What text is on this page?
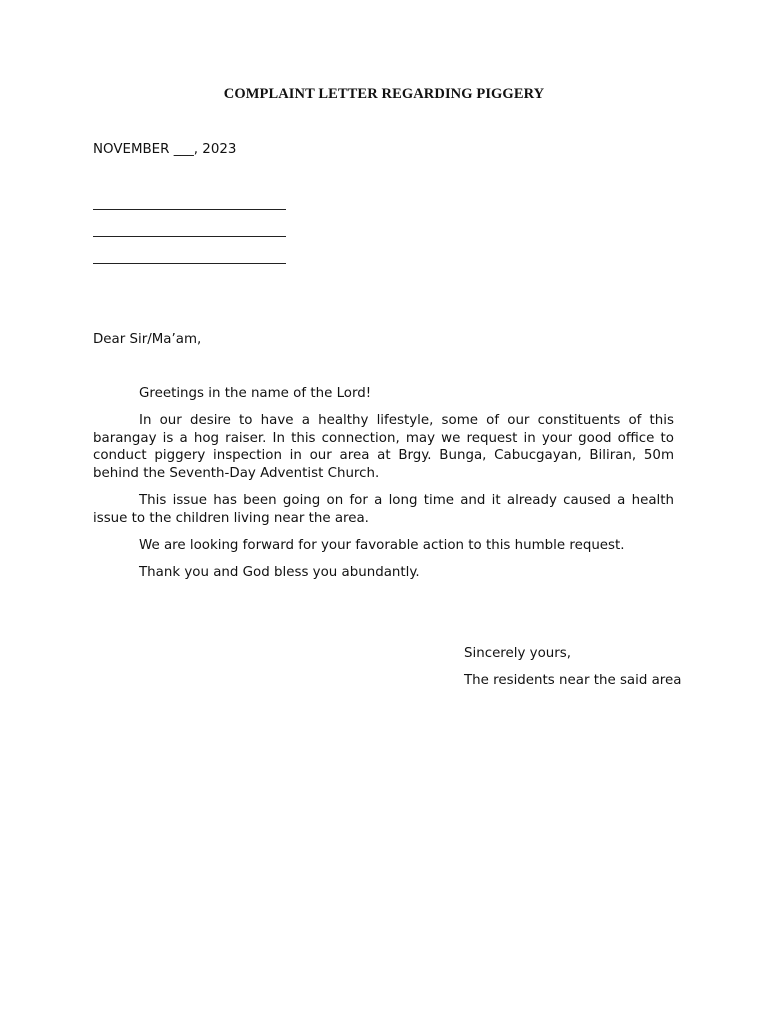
COMPLAINT LETTER REGARDING PIGGERY
NOVEMBER ___, 2023
Dear Sir/Ma’am,

Greetings in the name of the Lord!

In our desire to have a healthy lifestyle, some of our constituents of this barangay is a hog raiser. In this connection, may we request in your good office to conduct piggery inspection in our area at Brgy. Bunga, Cabucgayan, Biliran, 50m behind the Seventh-Day Adventist Church.

This issue has been going on for a long time and it already caused a health issue to the children living near the area.

We are looking forward for your favorable action to this humble request.

Thank you and God bless you abundantly.

Sincerely yours,
The residents near the said area
